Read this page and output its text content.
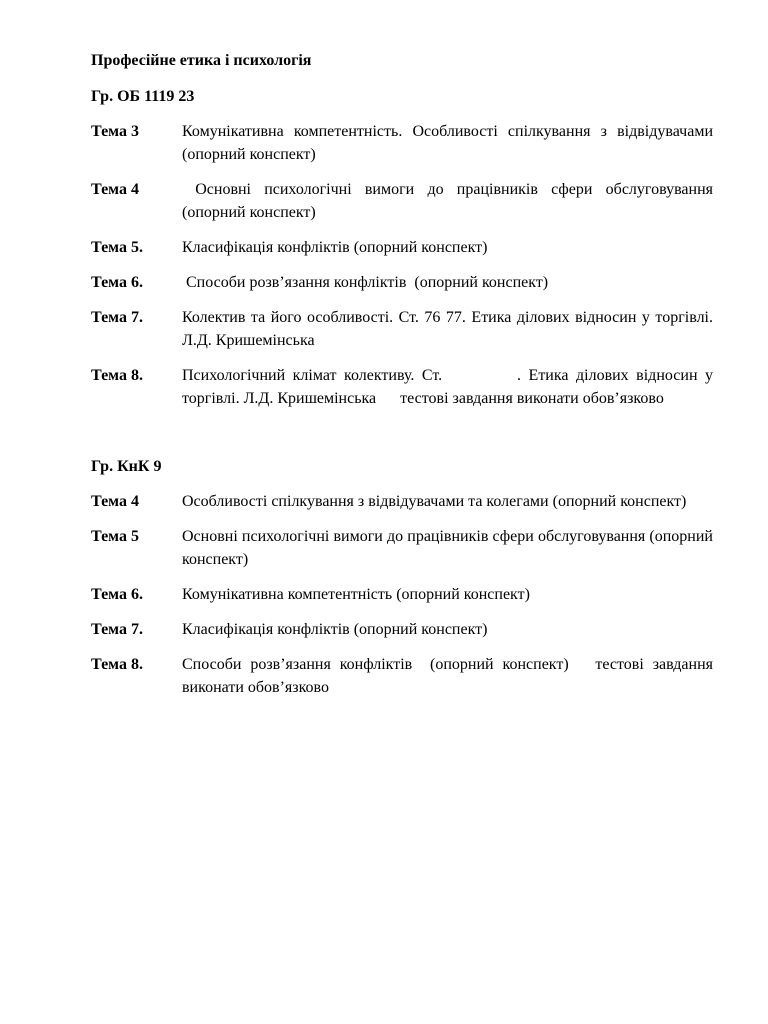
Професійне етика і психологія

Гр. ОБ 1119 23

Тема 3	Комунікативна компетентність. Особливості спілкування з відвідувачами (опорний конспект)
Тема 4	Основні психологічні вимоги до працівників сфери обслуговування (опорний конспект)
Тема 5.	Класифікація конфліктів (опорний конспект)
Тема 6.	Способи розв’язання конфліктів  (опорний конспект)
Тема 7.	Колектив та його особливості. Ст. 76 77. Етика ділових відносин у торгівлі. Л.Д. Кришемінська
Тема 8.	Психологічний клімат колективу. Ст.          . Етика ділових відносин у торгівлі. Л.Д. Кришемінська      тестові завдання виконати обов’язково

Гр. КнК 9

Тема 4	Особливості спілкування з відвідувачами та колегами (опорний конспект)
Тема 5	Основні психологічні вимоги до працівників сфери обслуговування (опорний конспект)
Тема 6.	Комунікативна компетентність (опорний конспект)
Тема 7.	Класифікація конфліктів (опорний конспект)
Тема 8.	Способи розв’язання конфліктів  (опорний конспект)   тестові завдання  виконати обов’язково
